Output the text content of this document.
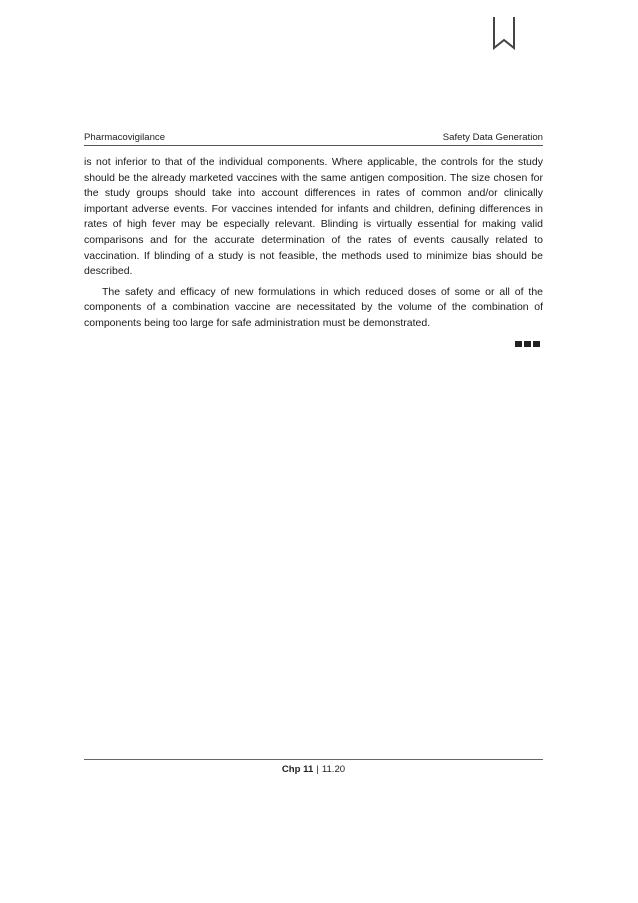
Pharmacovigilance	Safety Data Generation

is not inferior to that of the individual components. Where applicable, the controls for the study should be the already marketed vaccines with the same antigen composition. The size chosen for the study groups should take into account differences in rates of common and/or clinically important adverse events. For vaccines intended for infants and children, defining differences in rates of high fever may be especially relevant. Blinding is virtually essential for making valid comparisons and for the accurate determination of the rates of events causally related to vaccination. If blinding of a study is not feasible, the methods used to minimize bias should be described.

The safety and efficacy of new formulations in which reduced doses of some or all of the components of a combination vaccine are necessitated by the volume of the combination of components being too large for safe administration must be demonstrated.

Chp 11 | 11.20
